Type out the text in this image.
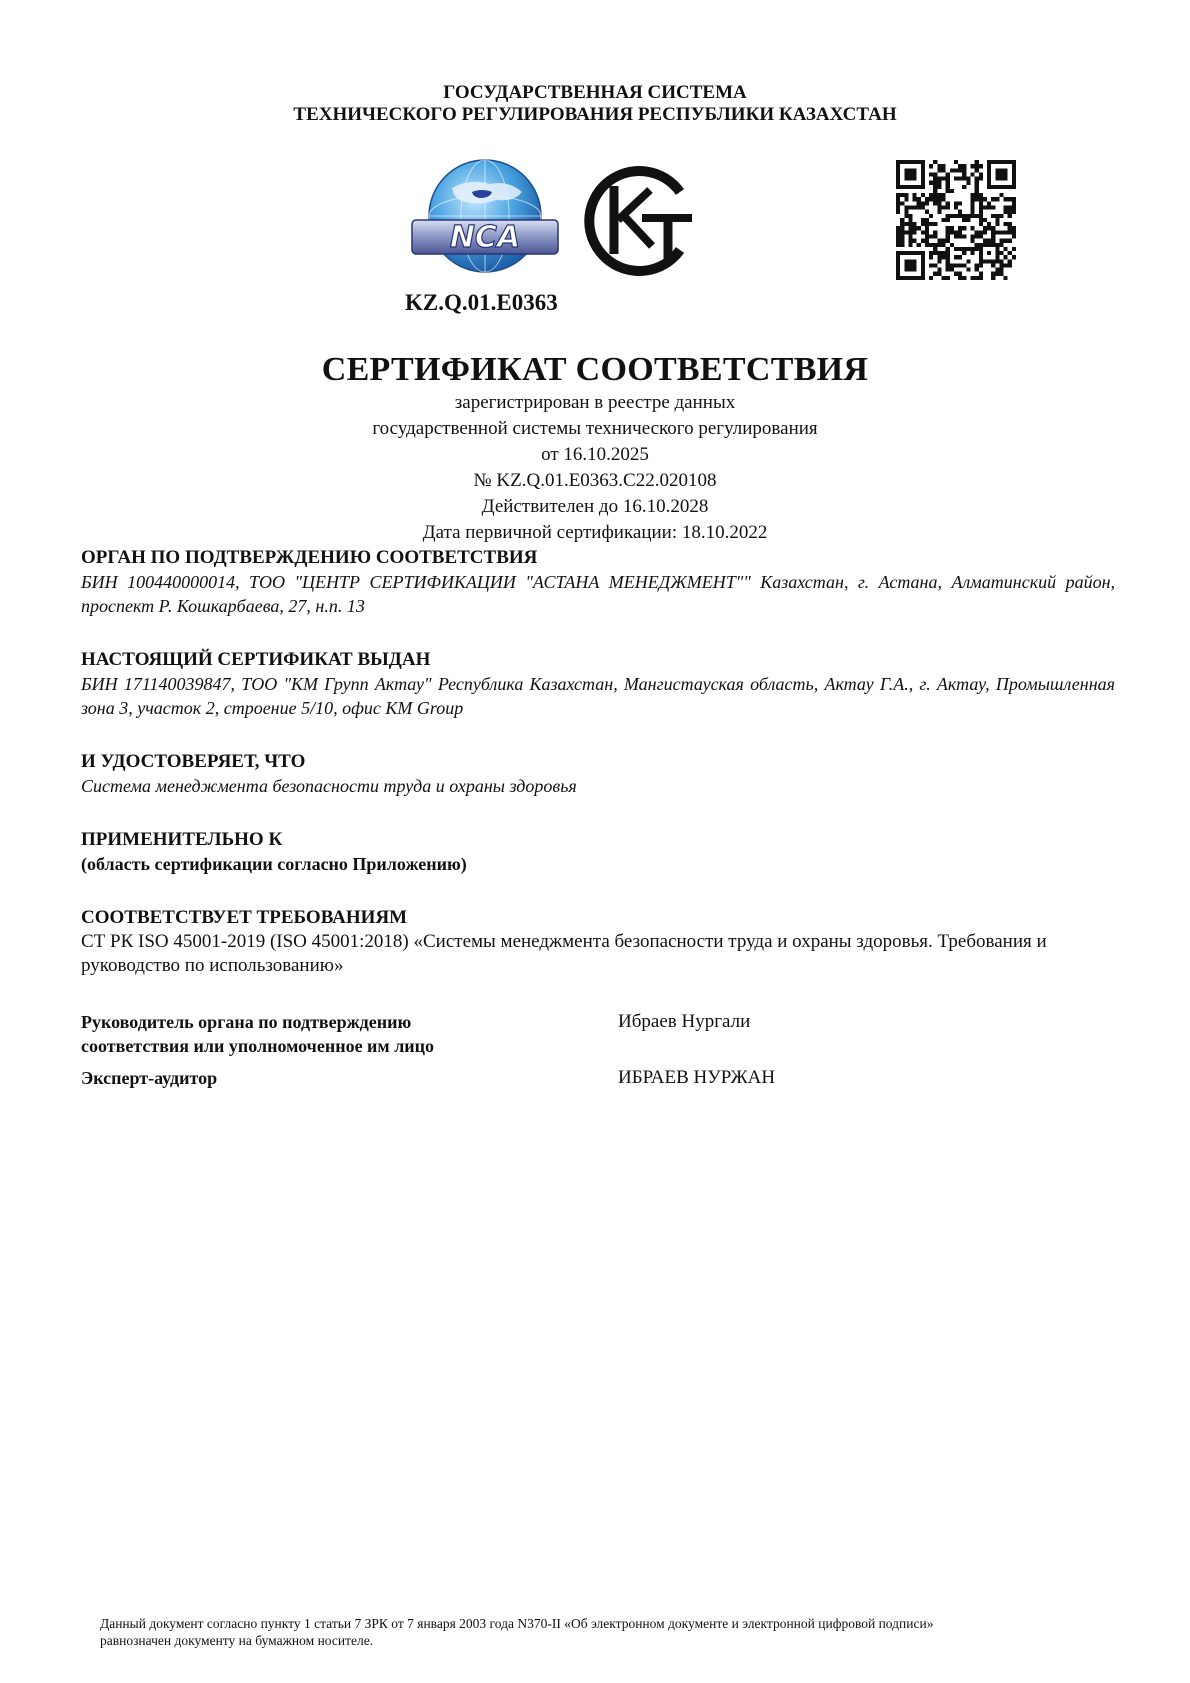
ГОСУДАРСТВЕННАЯ СИСТЕМА
ТЕХНИЧЕСКОГО РЕГУЛИРОВАНИЯ РЕСПУБЛИКИ КАЗАХСТАН
NCA
KZ.Q.01.E0363
СЕРТИФИКАТ СООТВЕТСТВИЯ
зарегистрирован в реестре данных
государственной системы технического регулирования
от 16.10.2025
№ KZ.Q.01.E0363.C22.020108
Действителен до 16.10.2028
Дата первичной сертификации: 18.10.2022
ОРГАН ПО ПОДТВЕРЖДЕНИЮ СООТВЕТСТВИЯ
БИН 100440000014, ТОО "ЦЕНТР СЕРТИФИКАЦИИ "АСТАНА МЕНЕДЖМЕНТ"" Казахстан, г. Астана, Алматинский район, проспект Р. Кошкарбаева, 27, н.п. 13
НАСТОЯЩИЙ СЕРТИФИКАТ ВЫДАН
БИН 171140039847, ТОО "КМ Групп Актау" Республика Казахстан, Мангистауская область, Актау Г.А., г. Актау, Промышленная зона 3, участок 2, строение 5/10, офис KM Group
И УДОСТОВЕРЯЕТ, ЧТО
Система менеджмента безопасности труда и охраны здоровья
ПРИМЕНИТЕЛЬНО К
(область сертификации согласно Приложению)
СООТВЕТСТВУЕТ ТРЕБОВАНИЯМ
СТ РК ISO 45001-2019 (ISO 45001:2018) «Системы менеджмента безопасности труда и охраны здоровья. Требования и руководство по использованию»
Руководитель органа по подтверждению
соответствия или уполномоченное им лицо
Ибраев Нургали
Эксперт-аудитор	ИБРАЕВ НУРЖАН
Данный документ согласно пункту 1 статьи 7 ЗРК от 7 января 2003 года N370-II «Об электронном документе и электронной цифровой подписи»
равнозначен документу на бумажном носителе.
